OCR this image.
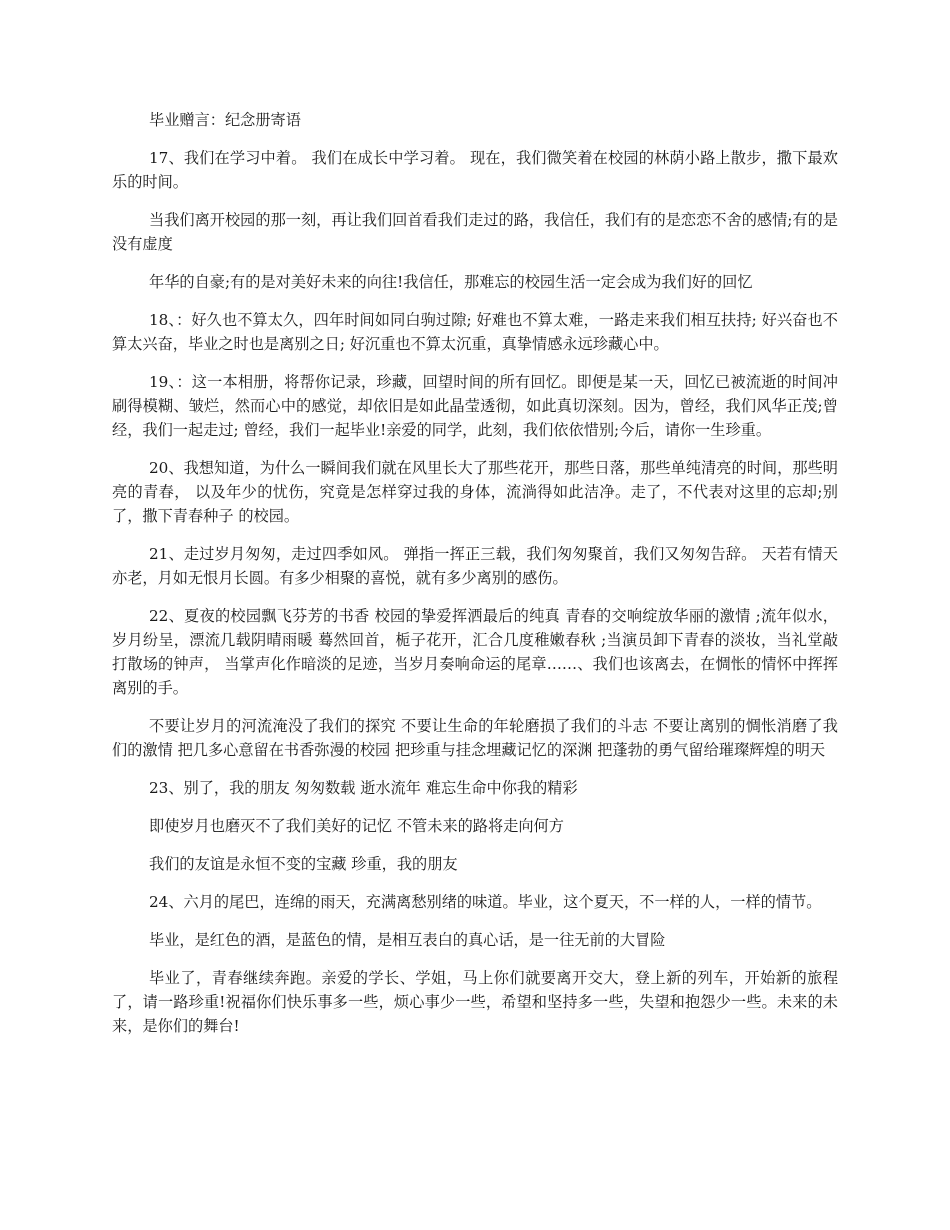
毕业赠言：纪念册寄语

17、我们在学习中着。 我们在成长中学习着。 现在，我们微笑着在校园的林荫小路上散步，撒下最欢乐的时间。

当我们离开校园的那一刻，再让我们回首看我们走过的路，我信任，我们有的是恋恋不舍的感情;有的是没有虚度

年华的自豪;有的是对美好未来的向往!我信任，那难忘的校园生活一定会成为我们好的回忆

18、：好久也不算太久，四年时间如同白驹过隙; 好难也不算太难，一路走来我们相互扶持; 好兴奋也不算太兴奋，毕业之时也是离别之日; 好沉重也不算太沉重，真挚情感永远珍藏心中。

19、：这一本相册，将帮你记录，珍藏，回望时间的所有回忆。即便是某一天，回忆已被流逝的时间冲刷得模糊、皱烂，然而心中的感觉，却依旧是如此晶莹透彻，如此真切深刻。因为，曾经，我们风华正茂;曾经，我们一起走过; 曾经，我们一起毕业!亲爱的同学，此刻，我们依依惜别;今后，请你一生珍重。

20、我想知道，为什么一瞬间我们就在风里长大了那些花开，那些日落，那些单纯清亮的时间，那些明亮的青春， 以及年少的忧伤，究竟是怎样穿过我的身体，流淌得如此洁净。走了，不代表对这里的忘却;别了，撒下青春种子 的校园。

21、走过岁月匆匆，走过四季如风。 弹指一挥正三载，我们匆匆聚首，我们又匆匆告辞。 天若有情天亦老，月如无恨月长圆。有多少相聚的喜悦，就有多少离别的感伤。

22、夏夜的校园飘飞芬芳的书香 校园的挚爱挥洒最后的纯真 青春的交响绽放华丽的激情 ;流年似水，岁月纷呈，漂流几载阴晴雨暖 蓦然回首，栀子花开，汇合几度稚嫩春秋 ;当演员卸下青春的淡妆，当礼堂敲打散场的钟声， 当掌声化作暗淡的足迹，当岁月奏响命运的尾章……、我们也该离去，在惆怅的情怀中挥挥离别的手。

不要让岁月的河流淹没了我们的探究 不要让生命的年轮磨损了我们的斗志 不要让离别的惆怅消磨了我们的激情 把几多心意留在书香弥漫的校园 把珍重与挂念埋藏记忆的深渊 把蓬勃的勇气留给璀璨辉煌的明天

23、别了，我的朋友 匆匆数载 逝水流年 难忘生命中你我的精彩

即使岁月也磨灭不了我们美好的记忆 不管未来的路将走向何方

我们的友谊是永恒不变的宝藏 珍重，我的朋友

24、六月的尾巴，连绵的雨天，充满离愁别绪的味道。毕业，这个夏天，不一样的人，一样的情节。

毕业，是红色的酒，是蓝色的情，是相互表白的真心话，是一往无前的大冒险

毕业了，青春继续奔跑。亲爱的学长、学姐，马上你们就要离开交大，登上新的列车，开始新的旅程了，请一路珍重!祝福你们快乐事多一些，烦心事少一些，希望和坚持多一些，失望和抱怨少一些。未来的未来，是你们的舞台!
